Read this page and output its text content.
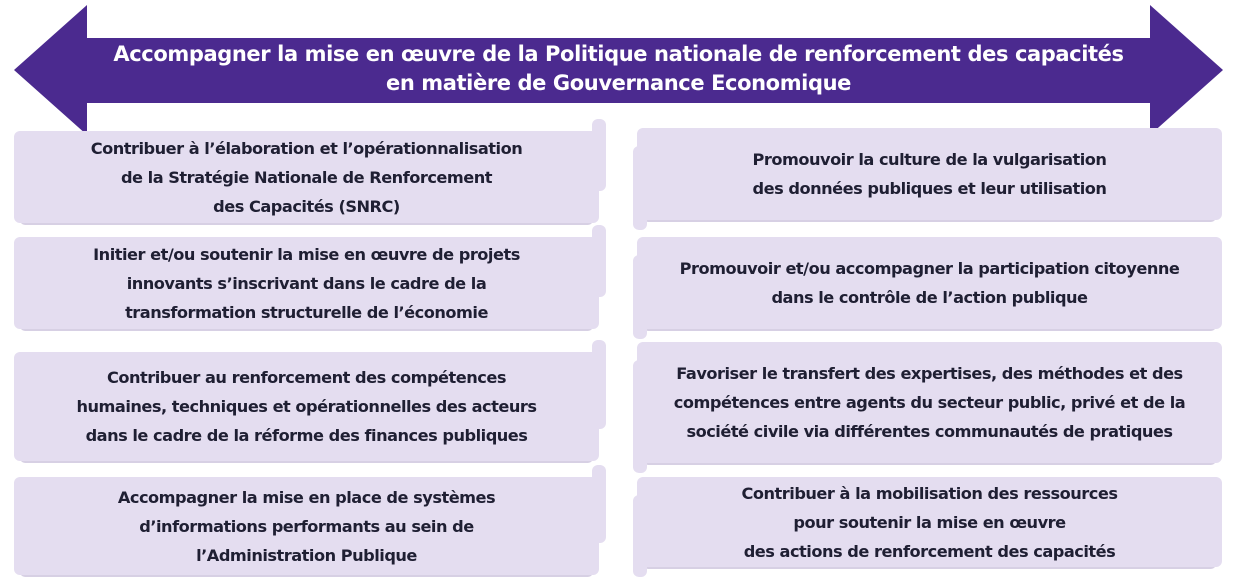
Accompagner la mise en œuvre de la Politique nationale de renforcement des capacités
en matière de Gouvernance Economique
Contribuer à l’élaboration et l’opérationnalisation
de la Stratégie Nationale de Renforcement
des Capacités (SNRC)
Initier et/ou soutenir la mise en œuvre de projets
innovants s’inscrivant dans le cadre de la
transformation structurelle de l’économie
Contribuer au renforcement des compétences
humaines, techniques et opérationnelles des acteurs
dans le cadre de la réforme des finances publiques
Accompagner la mise en place de systèmes
d’informations performants au sein de
l’Administration Publique
Promouvoir la culture de la vulgarisation
des données publiques et leur utilisation
Promouvoir et/ou accompagner la participation citoyenne
dans le contrôle de l’action publique
Favoriser le transfert des expertises, des méthodes et des
compétences entre agents du secteur public, privé et de la
société civile via différentes communautés de pratiques
Contribuer à la mobilisation des ressources
pour soutenir la mise en œuvre
des actions de renforcement des capacités
